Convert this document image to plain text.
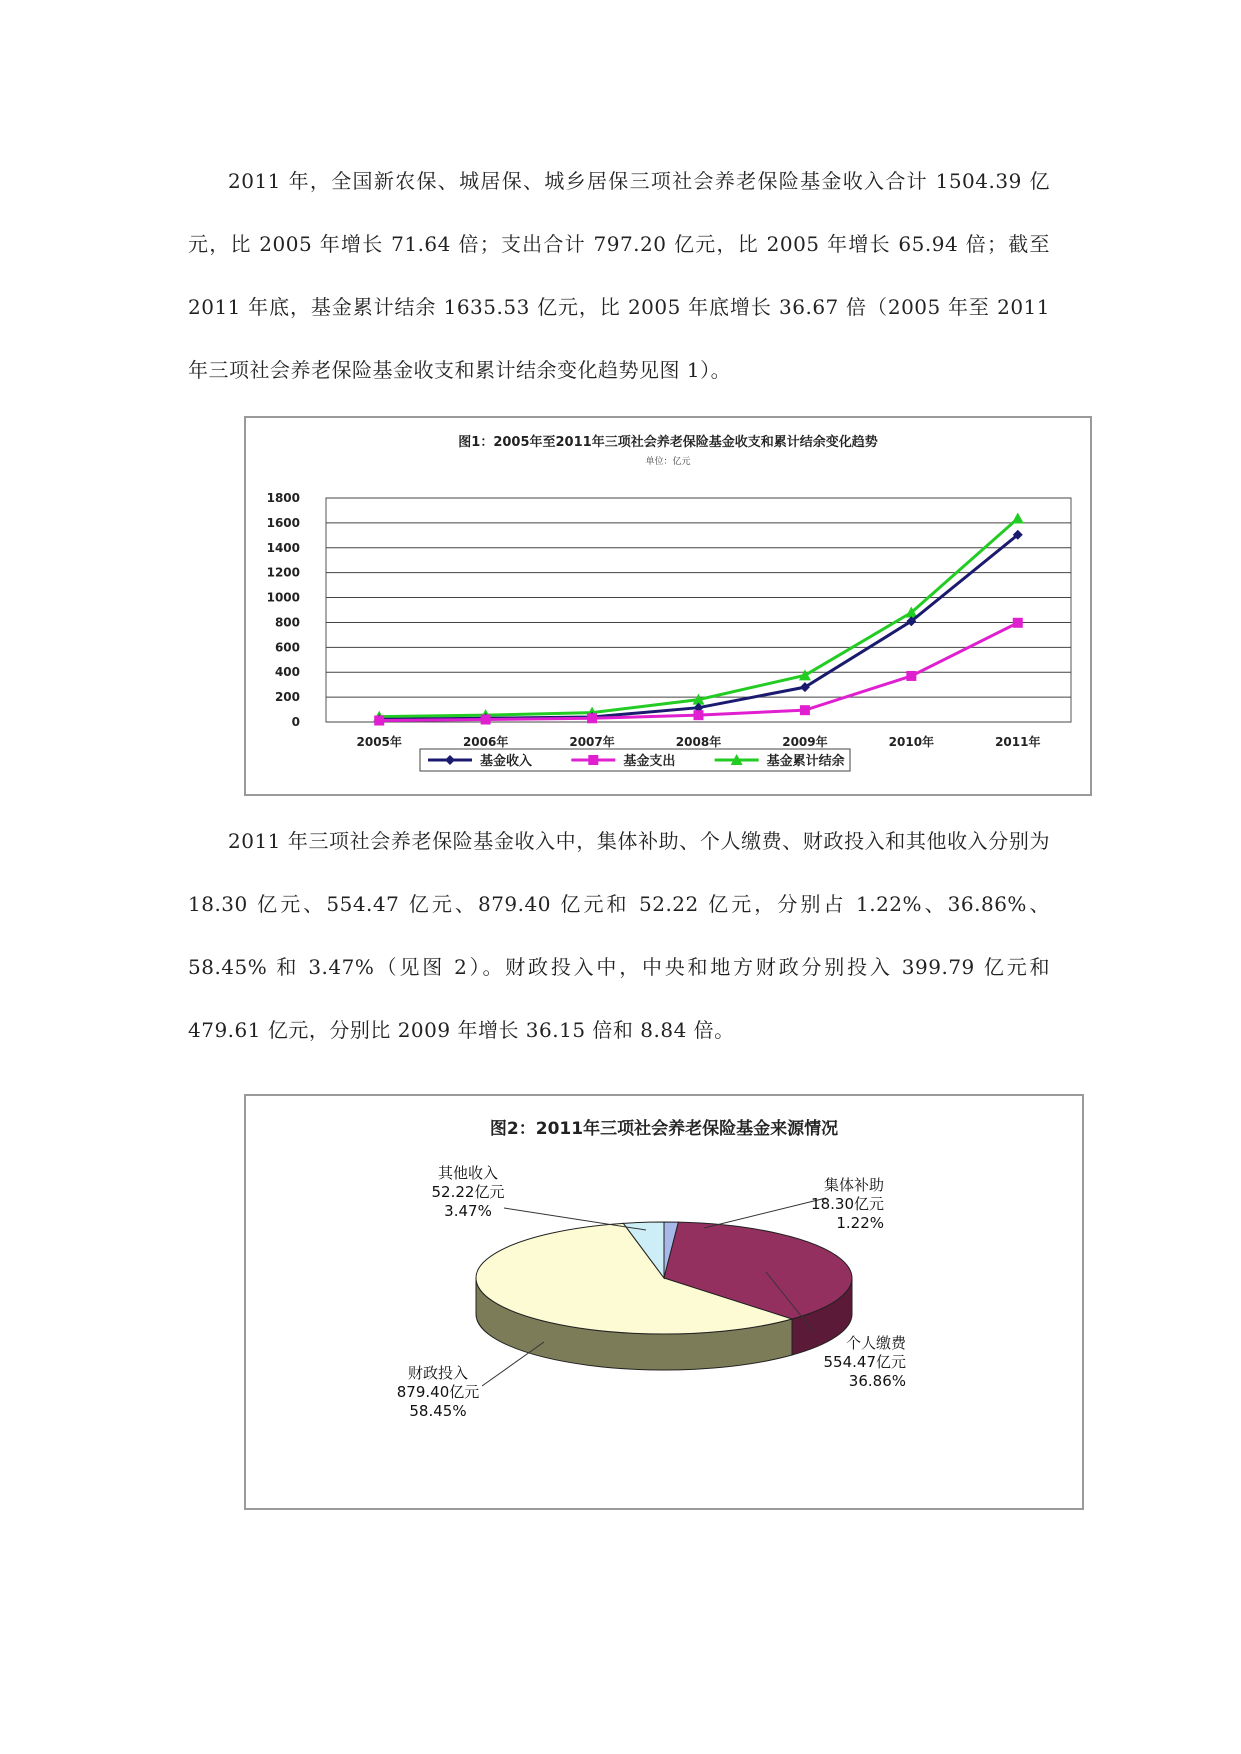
2011 年，全国新农保、城居保、城乡居保三项社会养老保险基金收入合计 1504.39 亿元，比 2005 年增长 71.64 倍；支出合计 797.20 亿元，比 2005 年增长 65.94 倍；截至 2011 年底，基金累计结余 1635.53 亿元，比 2005 年底增长 36.67 倍（2005 年至 2011 年三项社会养老保险基金收支和累计结余变化趋势见图 1）。

图1：2005年至2011年三项社会养老保险基金收支和累计结余变化趋势
单位：亿元
0
200
400
600
800
1000
1200
1400
1600
1800
2005年	2006年	2007年	2008年	2009年	2010年	2011年
基金收入	基金支出	基金累计结余

2011 年三项社会养老保险基金收入中，集体补助、个人缴费、财政投入和其他收入分别为 18.30 亿元、554.47 亿元、879.40 亿元和 52.22 亿元，分别占 1.22%、36.86%、58.45% 和 3.47%（见图 2）。财政投入中，中央和地方财政分别投入 399.79 亿元和 479.61 亿元，分别比 2009 年增长 36.15 倍和 8.84 倍。

图2：2011年三项社会养老保险基金来源情况
集体补助
18.30亿元
1.22%
个人缴费
554.47亿元
36.86%
财政投入
879.40亿元
58.45%
其他收入
52.22亿元
3.47%
